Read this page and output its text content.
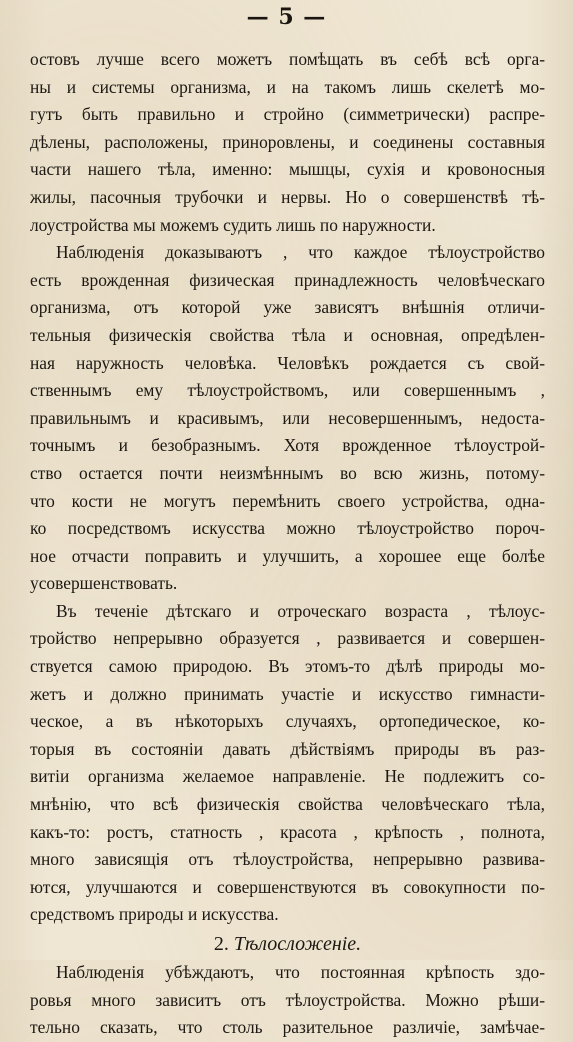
— 5 —
остовъ лучше всего можетъ помѣщать въ себѣ всѣ орга-
ны и системы организма, и на такомъ лишь скелетѣ мо-
гутъ быть правильно и стройно (симметрически) распре-
дѣлены, расположены, приноровлены, и соединены составныя
части нашего тѣла, именно: мышцы, сухія и кровоносныя
жилы, пасочныя трубочки и нервы. Но о совершенствѣ тѣ-
лоустройства мы можемъ судить лишь по наружности.
Наблюденія доказываютъ , что каждое тѣлоустройство
есть врожденная физическая принадлежность человѣческаго
организма, отъ которой уже зависятъ внѣшнія отличи-
тельныя физическія свойства тѣла и основная, опредѣлен-
ная наружность человѣка. Человѣкъ рождается съ свой-
ственнымъ ему тѣлоустройствомъ, или совершеннымъ ,
правильнымъ и красивымъ, или несовершеннымъ, недоста-
точнымъ и безобразнымъ. Хотя врожденное тѣлоустрой-
ство остается почти неизмѣннымъ во всю жизнь, потому-
что кости не могутъ перемѣнить своего устройства, одна-
ко посредствомъ искусства можно тѣлоустройство пороч-
ное отчасти поправить и улучшить, а хорошее еще болѣе
усовершенствовать.
Въ теченіе дѣтскаго и отроческаго возраста , тѣлоус-
тройство непрерывно образуется , развивается и совершен-
ствуется самою природою. Въ этомъ-то дѣлѣ природы мо-
жетъ и должно принимать участіе и искусство гимнасти-
ческое, а въ нѣкоторыхъ случаяхъ, ортопедическое, ко-
торыя въ состояніи давать дѣйствіямъ природы въ раз-
витіи организма желаемое направленіе. Не подлежитъ со-
мнѣнію, что всѣ физическія свойства человѣческаго тѣла,
какъ-то: ростъ, статность , красота , крѣпость , полнота,
много зависящія отъ тѣлоустройства, непрерывно развива-
ются, улучшаются и совершенствуются въ совокупности по-
средствомъ природы и искусства.
2. Тѣлосложеніе.
Наблюденія убѣждаютъ, что постоянная крѣпость здо-
ровья много зависитъ отъ тѣлоустройства. Можно рѣши-
тельно сказать, что столь разительное различіе, замѣчае-
